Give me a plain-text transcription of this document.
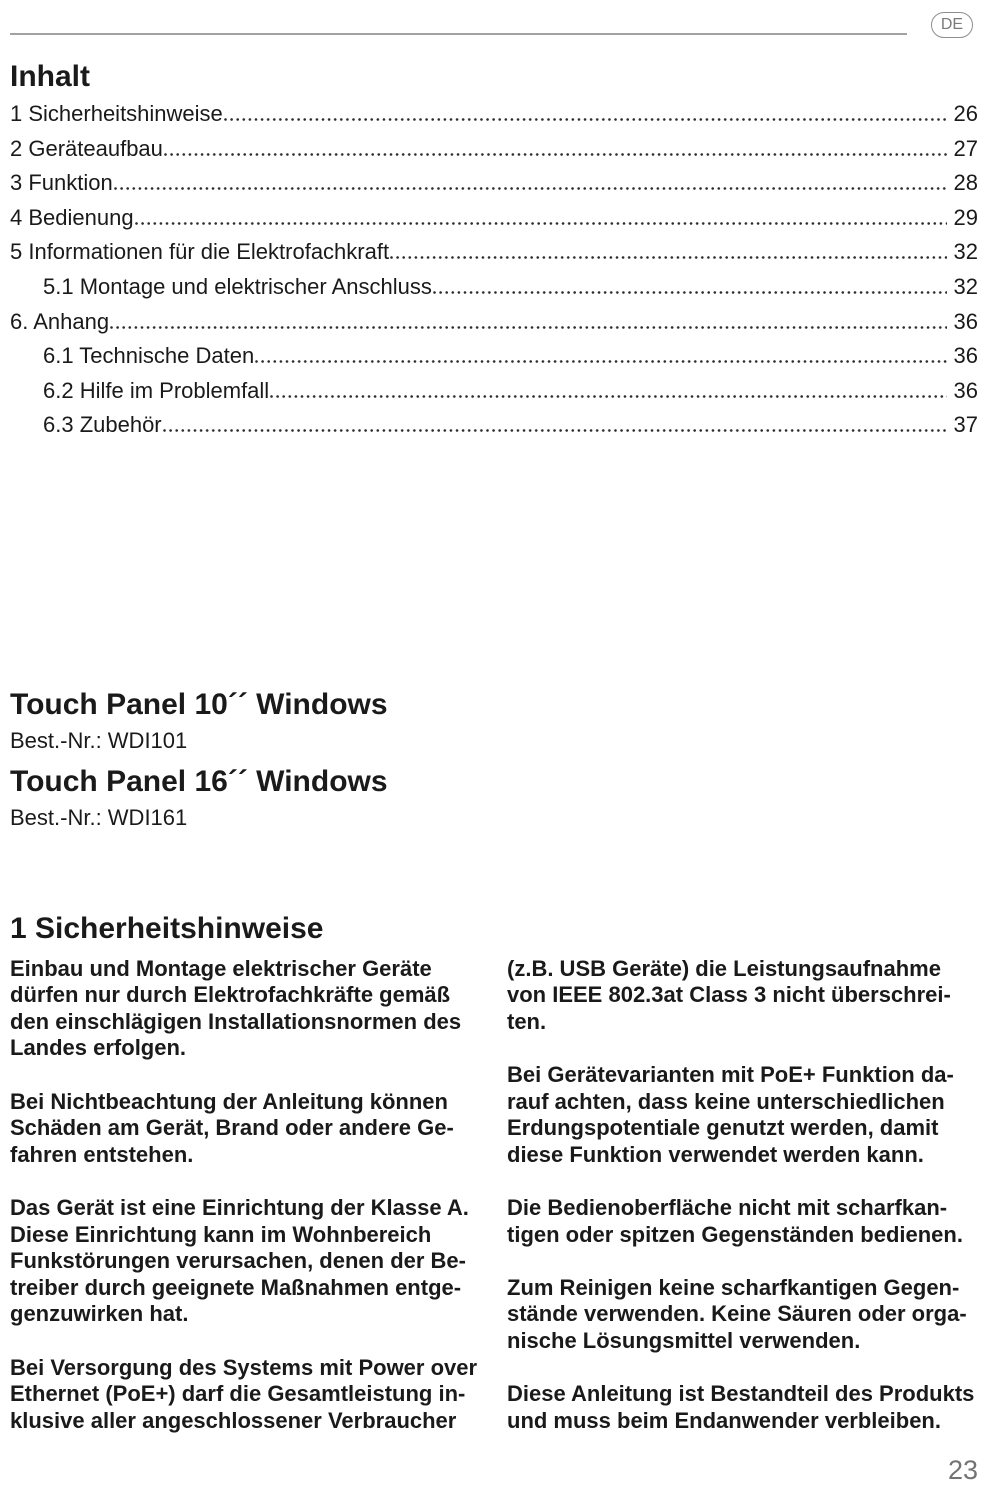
DE
Inhalt
1 Sicherheitshinweise	26
2 Geräteaufbau	27
3 Funktion	28
4 Bedienung	29
5 Informationen für die Elektrofachkraft	32
5.1 Montage und elektrischer Anschluss	32
6. Anhang	36
6.1 Technische Daten	36
6.2 Hilfe im Problemfall	36
6.3 Zubehör	37
Touch Panel 10´´ Windows

Best.-Nr.: WDI101

Touch Panel 16´´ Windows

Best.-Nr.: WDI161

1 Sicherheitshinweise

Einbau und Montage elektrischer Geräte
dürfen nur durch Elektrofachkräfte gemäß
den einschlägigen Installationsnormen des
Landes erfolgen.

Bei Nichtbeachtung der Anleitung können
Schäden am Gerät, Brand oder andere Ge-
fahren entstehen.

Das Gerät ist eine Einrichtung der Klasse A.
Diese Einrichtung kann im Wohnbereich
Funkstörungen verursachen, denen der Be-
treiber durch geeignete Maßnahmen entge-
genzuwirken hat.

Bei Versorgung des Systems mit Power over
Ethernet (PoE+) darf die Gesamtleistung in-
klusive aller angeschlossener Verbraucher

(z.B. USB Geräte) die Leistungsaufnahme
von IEEE 802.3at Class 3 nicht überschrei-
ten.

Bei Gerätevarianten mit PoE+ Funktion da-
rauf achten, dass keine unterschiedlichen
Erdungspotentiale genutzt werden, damit
diese Funktion verwendet werden kann.

Die Bedienoberfläche nicht mit scharfkan-
tigen oder spitzen Gegenständen bedienen.

Zum Reinigen keine scharfkantigen Gegen-
stände verwenden. Keine Säuren oder orga-
nische Lösungsmittel verwenden.

Diese Anleitung ist Bestandteil des Produkts
und muss beim Endanwender verbleiben.

23
